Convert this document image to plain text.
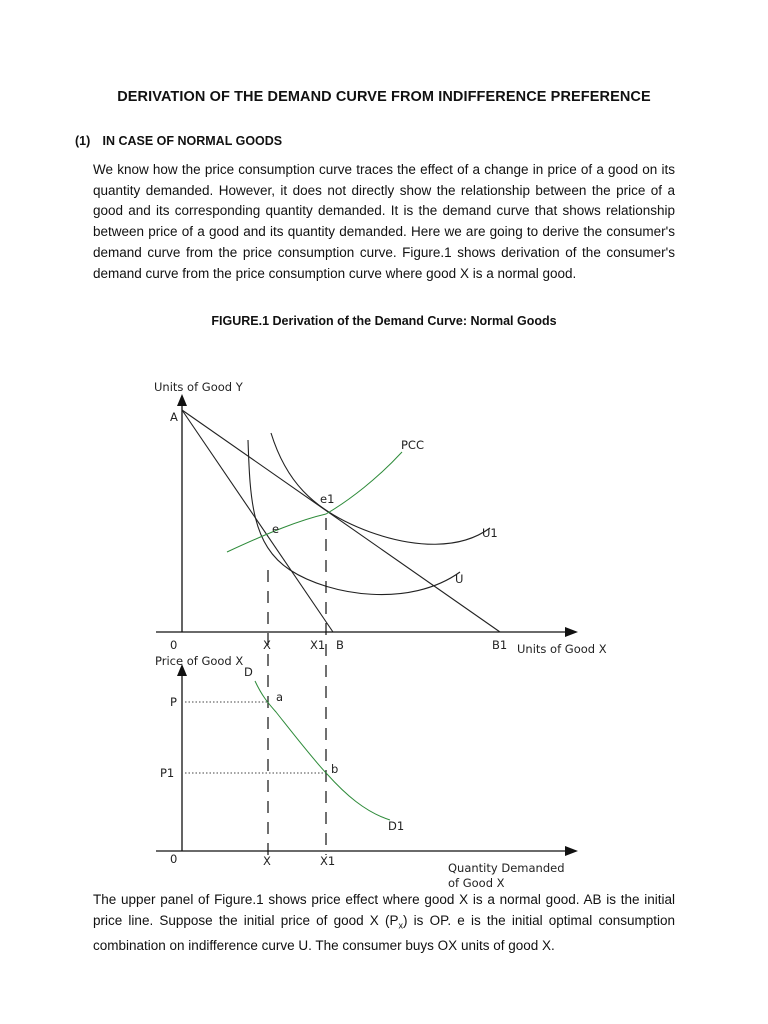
DERIVATION OF THE DEMAND CURVE FROM INDIFFERENCE PREFERENCE
(1) IN CASE OF NORMAL GOODS
We know how the price consumption curve traces the effect of a change in price of a good on its quantity demanded. However, it does not directly show the relationship between the price of a good and its corresponding quantity demanded. It is the demand curve that shows relationship between price of a good and its quantity demanded. Here we are going to derive the consumer's demand curve from the price consumption curve. Figure.1 shows derivation of the consumer's demand curve from the price consumption curve where good X is a normal good.
FIGURE.1 Derivation of the Demand Curve: Normal Goods
Units of Good Y
A
PCC
e1
e	U1
U
0	X	X1 B	B1 Units of Good X
Price of Good X
D
P	a
P1	b
D1
0	X	X1	Quantity Demanded
of Good X
The upper panel of Figure.1 shows price effect where good X is a normal good. AB is the initial price line. Suppose the initial price of good X $(P_x)$ is OP. e is the initial optimal consumption combination on indifference curve U. The consumer buys OX units of good X.
